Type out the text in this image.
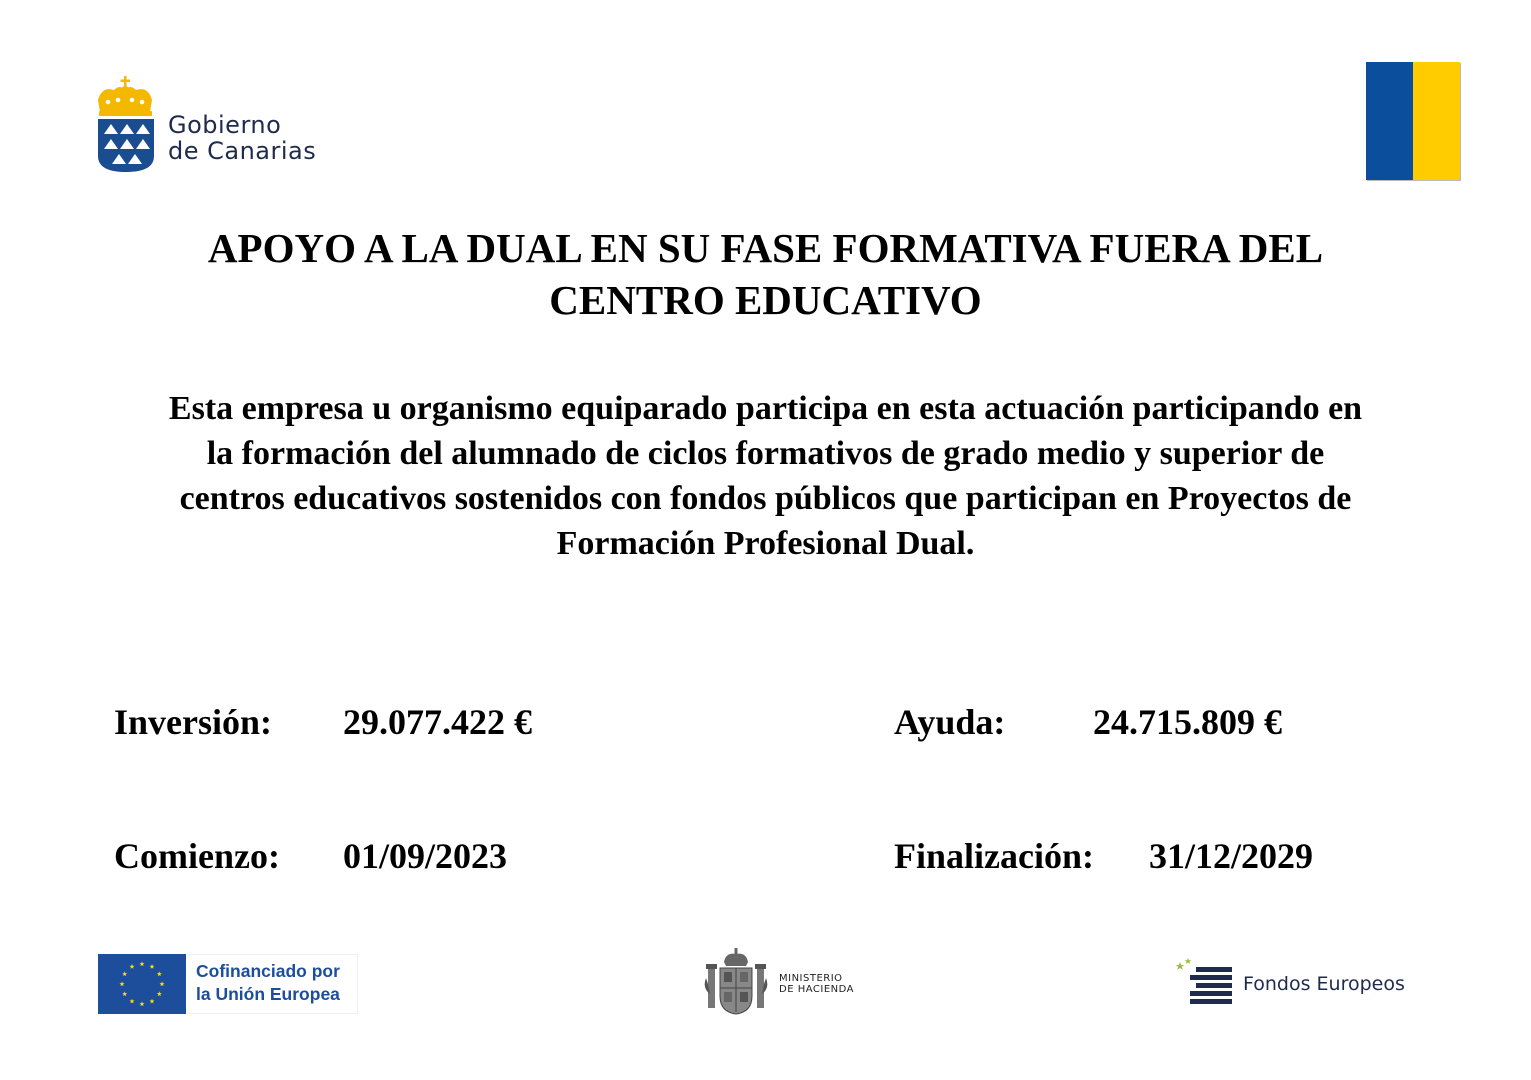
Gobierno
de Canarias
APOYO A LA DUAL EN SU FASE FORMATIVA FUERA DEL
CENTRO EDUCATIVO
Esta empresa u organismo equiparado participa en esta actuación participando en
la formación del alumnado de ciclos formativos de grado medio y superior de
centros educativos sostenidos con fondos públicos que participan en Proyectos de
Formación Profesional Dual.
Inversión: 29.077.422 €	Ayuda: 24.715.809 €
Comienzo: 01/09/2023	Finalización: 31/12/2029
Cofinanciado por
la Unión Europea
MINISTERIO
DE HACIENDA	Fondos Europeos
